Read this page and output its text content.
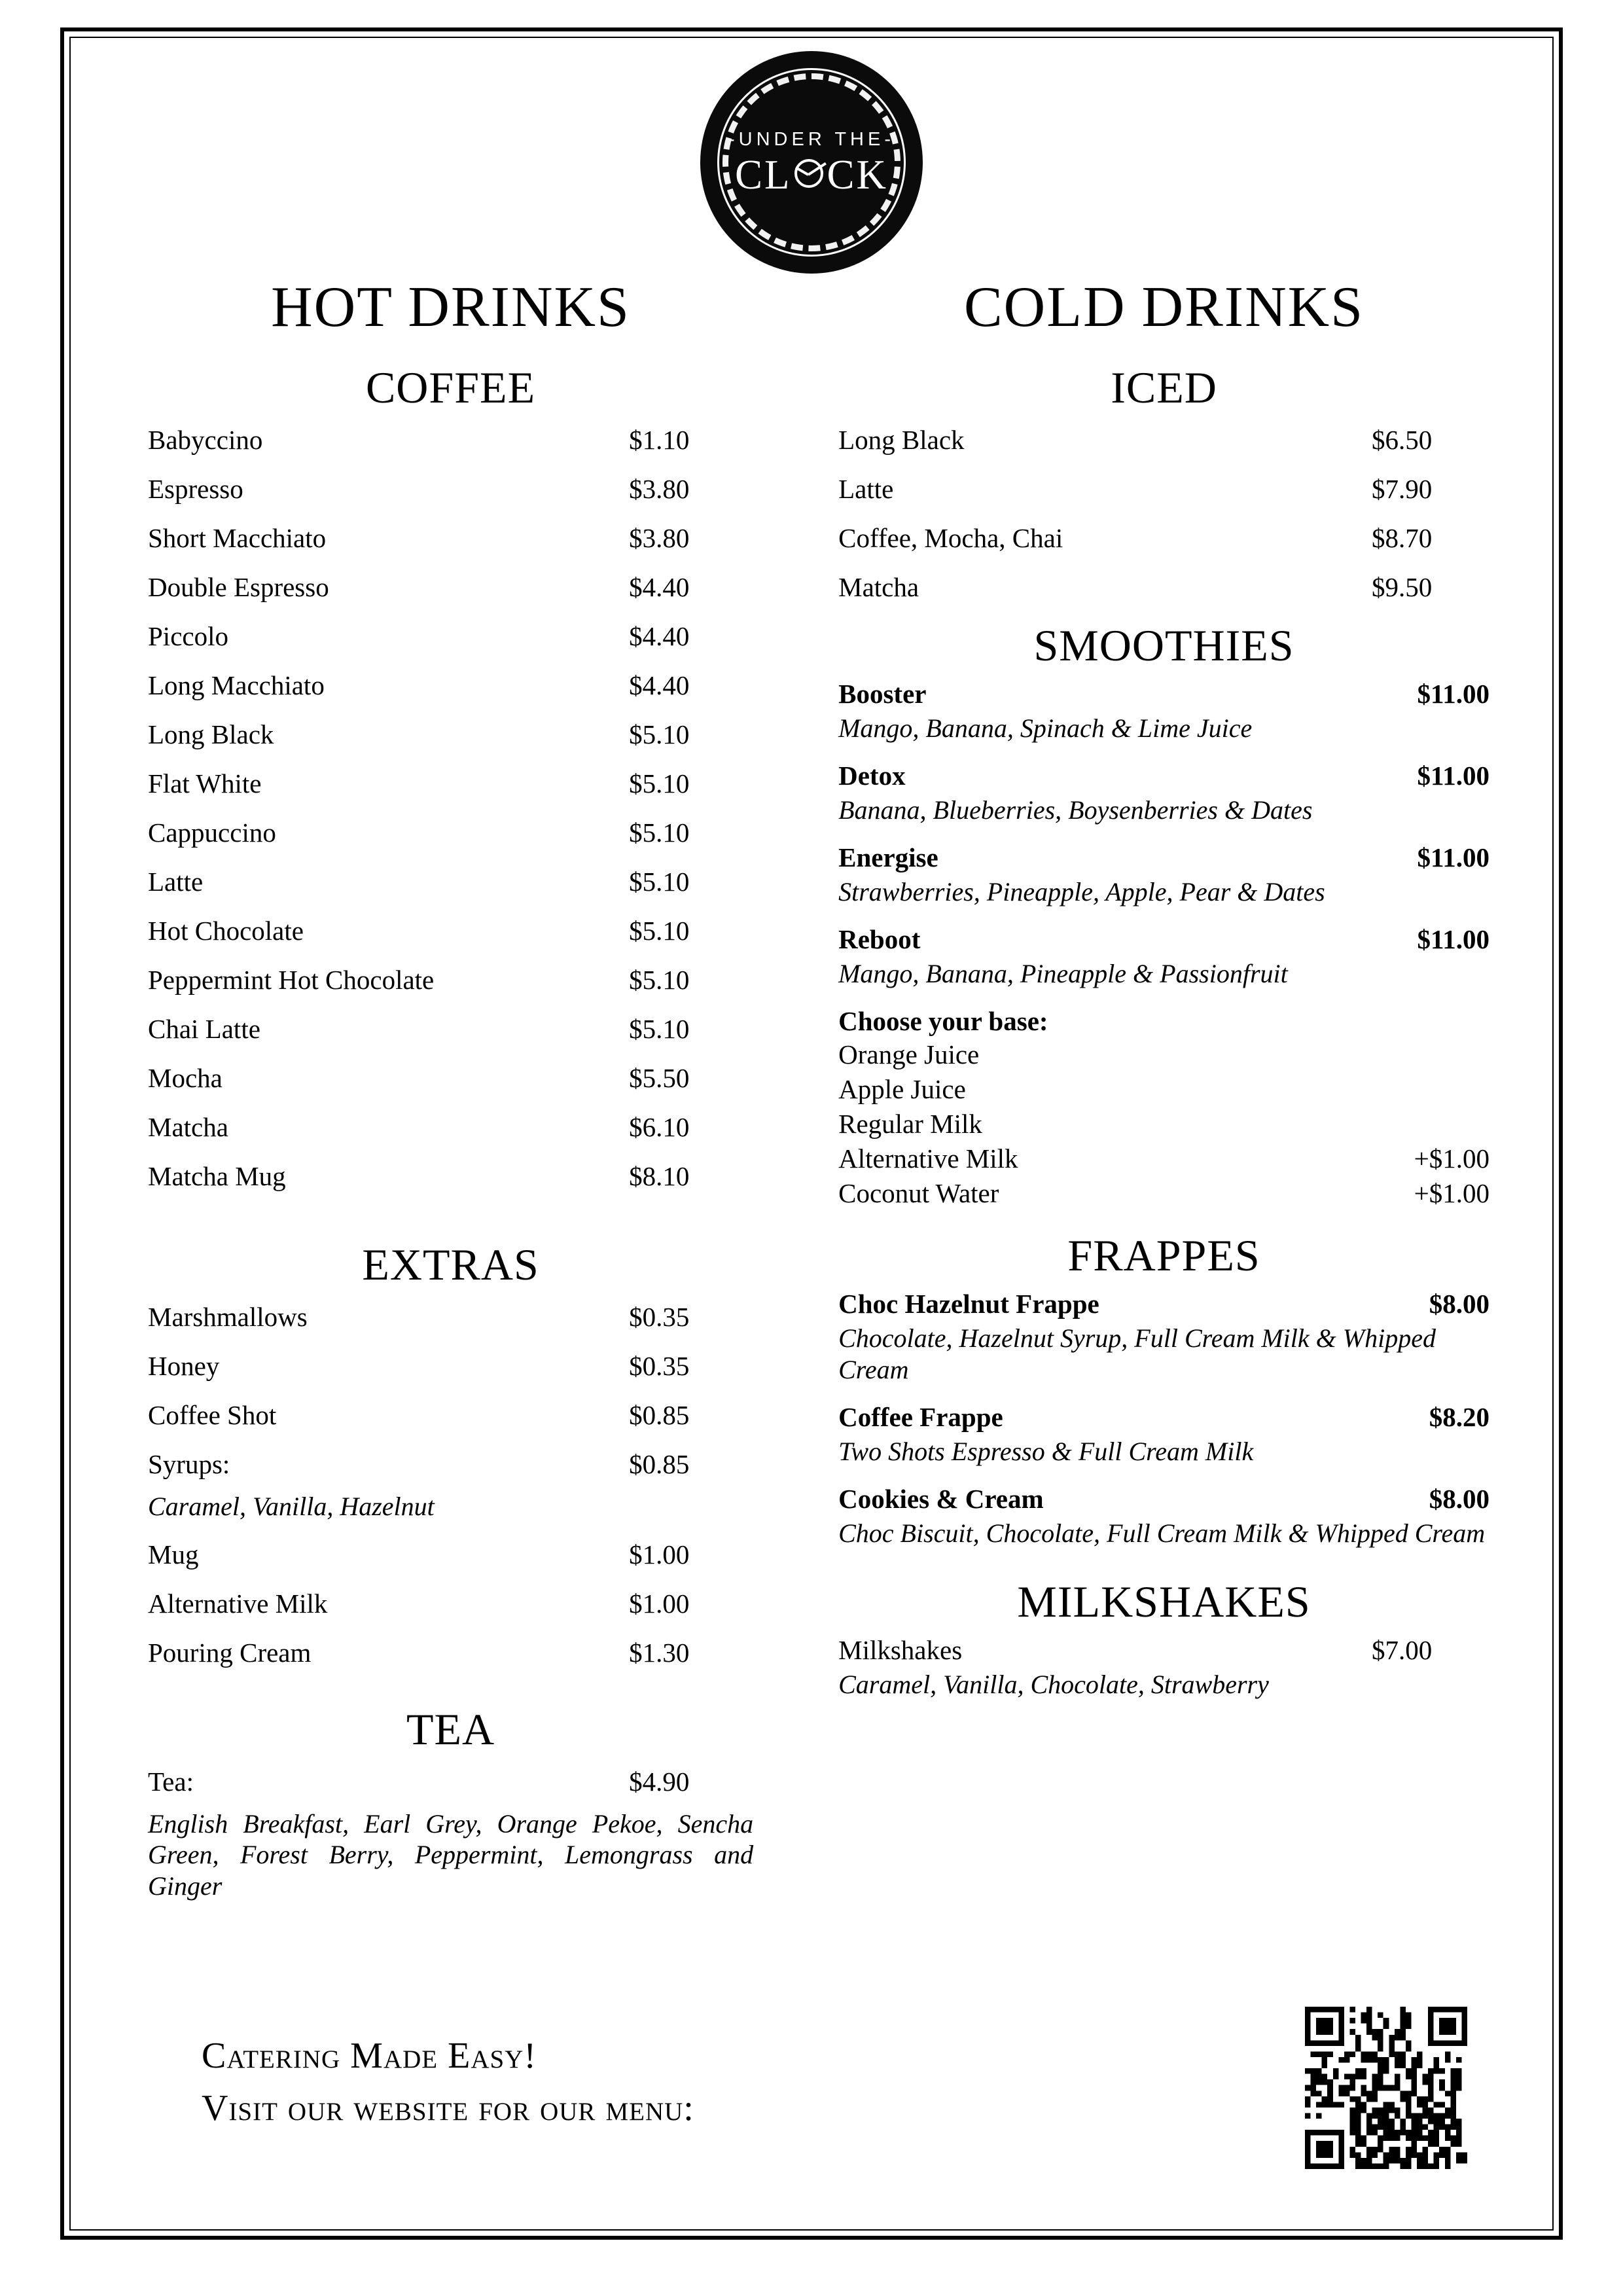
-UNDER THE-
CL CK
HOT DRINKS
COFFEE
Babyccino	$1.10
Espresso	$3.80
Short Macchiato	$3.80
Double Espresso	$4.40
Piccolo	$4.40
Long Macchiato	$4.40
Long Black	$5.10
Flat White	$5.10
Cappuccino	$5.10
Latte	$5.10
Hot Chocolate	$5.10
Peppermint Hot Chocolate	$5.10
Chai Latte	$5.10
Mocha	$5.50
Matcha	$6.10
Matcha Mug	$8.10
EXTRAS
Marshmallows	$0.35
Honey	$0.35
Coffee Shot	$0.85
Syrups:	$0.85
Caramel, Vanilla, Hazelnut
Mug	$1.00
Alternative Milk	$1.00
Pouring Cream	$1.30
TEA
Tea:	$4.90
English Breakfast, Earl Grey, Orange Pekoe, Sencha Green, Forest Berry, Peppermint, Lemongrass and Ginger
COLD DRINKS
ICED
Long Black	$6.50
Latte	$7.90
Coffee, Mocha, Chai	$8.70
Matcha	$9.50
SMOOTHIES
Booster	$11.00
Mango, Banana, Spinach & Lime Juice
Detox	$11.00
Banana, Blueberries, Boysenberries & Dates
Energise	$11.00
Strawberries, Pineapple, Apple, Pear & Dates
Reboot	$11.00
Mango, Banana, Pineapple & Passionfruit
Choose your base:
Orange Juice
Apple Juice
Regular Milk
Alternative Milk	+$1.00
Coconut Water	+$1.00
FRAPPES
Choc Hazelnut Frappe	$8.00
Chocolate, Hazelnut Syrup, Full Cream Milk & Whipped Cream
Coffee Frappe	$8.20
Two Shots Espresso & Full Cream Milk
Cookies & Cream	$8.00
Choc Biscuit, Chocolate, Full Cream Milk & Whipped Cream
MILKSHAKES
Milkshakes	$7.00
Caramel, Vanilla, Chocolate, Strawberry
Catering Made Easy!
Visit our website for our menu:
